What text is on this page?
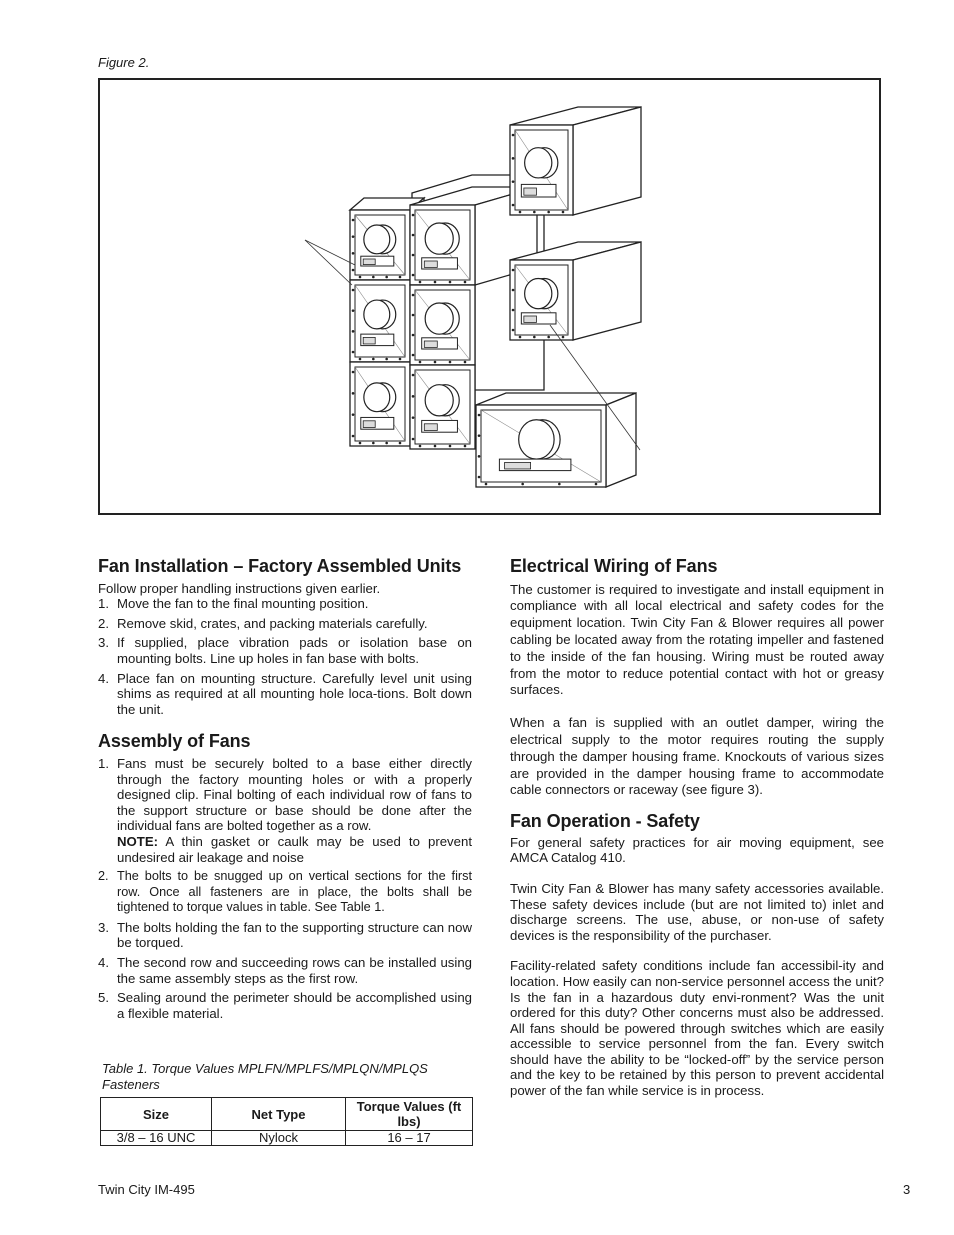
Figure 2.
Fan Installation – Factory Assembled Units

Follow proper handling instructions given earlier.

1. Move the fan to the final mounting position.
2. Remove skid, crates, and packing materials carefully.
3. If supplied, place vibration pads or isolation base on mounting bolts. Line up holes in fan base with bolts.
4. Place fan on mounting structure. Carefully level unit using shims as required at all mounting hole loca-tions. Bolt down the unit.
Assembly of Fans
1. Fans must be securely bolted to a base either directly through the factory mounting holes or with a properly designed clip. Final bolting of each individual row of fans to the support structure or base should be done after the individual fans are bolted together as a row.

NOTE: A thin gasket or caulk may be used to prevent undesired air leakage and noise

2. The bolts to be snugged up on vertical sections for the first row. Once all fasteners are in place, the bolts shall be tightened to torque values in table. See Table 1.
3. The bolts holding the fan to the supporting structure can now be torqued.
4. The second row and succeeding rows can be installed using the same assembly steps as the first row.
5. Sealing around the perimeter should be accomplished using a flexible material.
Table 1. Torque Values MPLFN/MPLFS/MPLQN/MPLQS Fasteners
Size	Net Type	Torque Values (ft lbs)
3/8 – 16 UNC	Nylock	16 – 17
Electrical Wiring of Fans

The customer is required to investigate and install equipment in compliance with all local electrical and safety codes for the equipment location. Twin City Fan & Blower requires all power cabling be located away from the rotating impeller and fastened to the inside of the fan housing. Wiring must be routed away from the motor to reduce potential contact with hot or greasy surfaces.

When a fan is supplied with an outlet damper, wiring the electrical supply to the motor requires routing the supply through the damper housing frame. Knockouts of various sizes are provided in the damper housing frame to accommodate cable connectors or raceway (see figure 3).

Fan Operation - Safety

For general safety practices for air moving equipment, see AMCA Catalog 410.

Twin City Fan & Blower has many safety accessories available. These safety devices include (but are not limited to) inlet and discharge screens. The use, abuse, or non-use of safety devices is the responsibility of the purchaser.

Facility-related safety conditions include fan accessibil-ity and location. How easily can non-service personnel access the unit? Is the fan in a hazardous duty envi-ronment? Was the unit ordered for this duty? Other concerns must also be addressed. All fans should be powered through switches which are easily accessible to service personnel from the fan. Every switch should have the ability to be “locked-off” by the service person and the key to be retained by this person to prevent accidental power of the fan while service is in process.

Twin City IM-495	3
